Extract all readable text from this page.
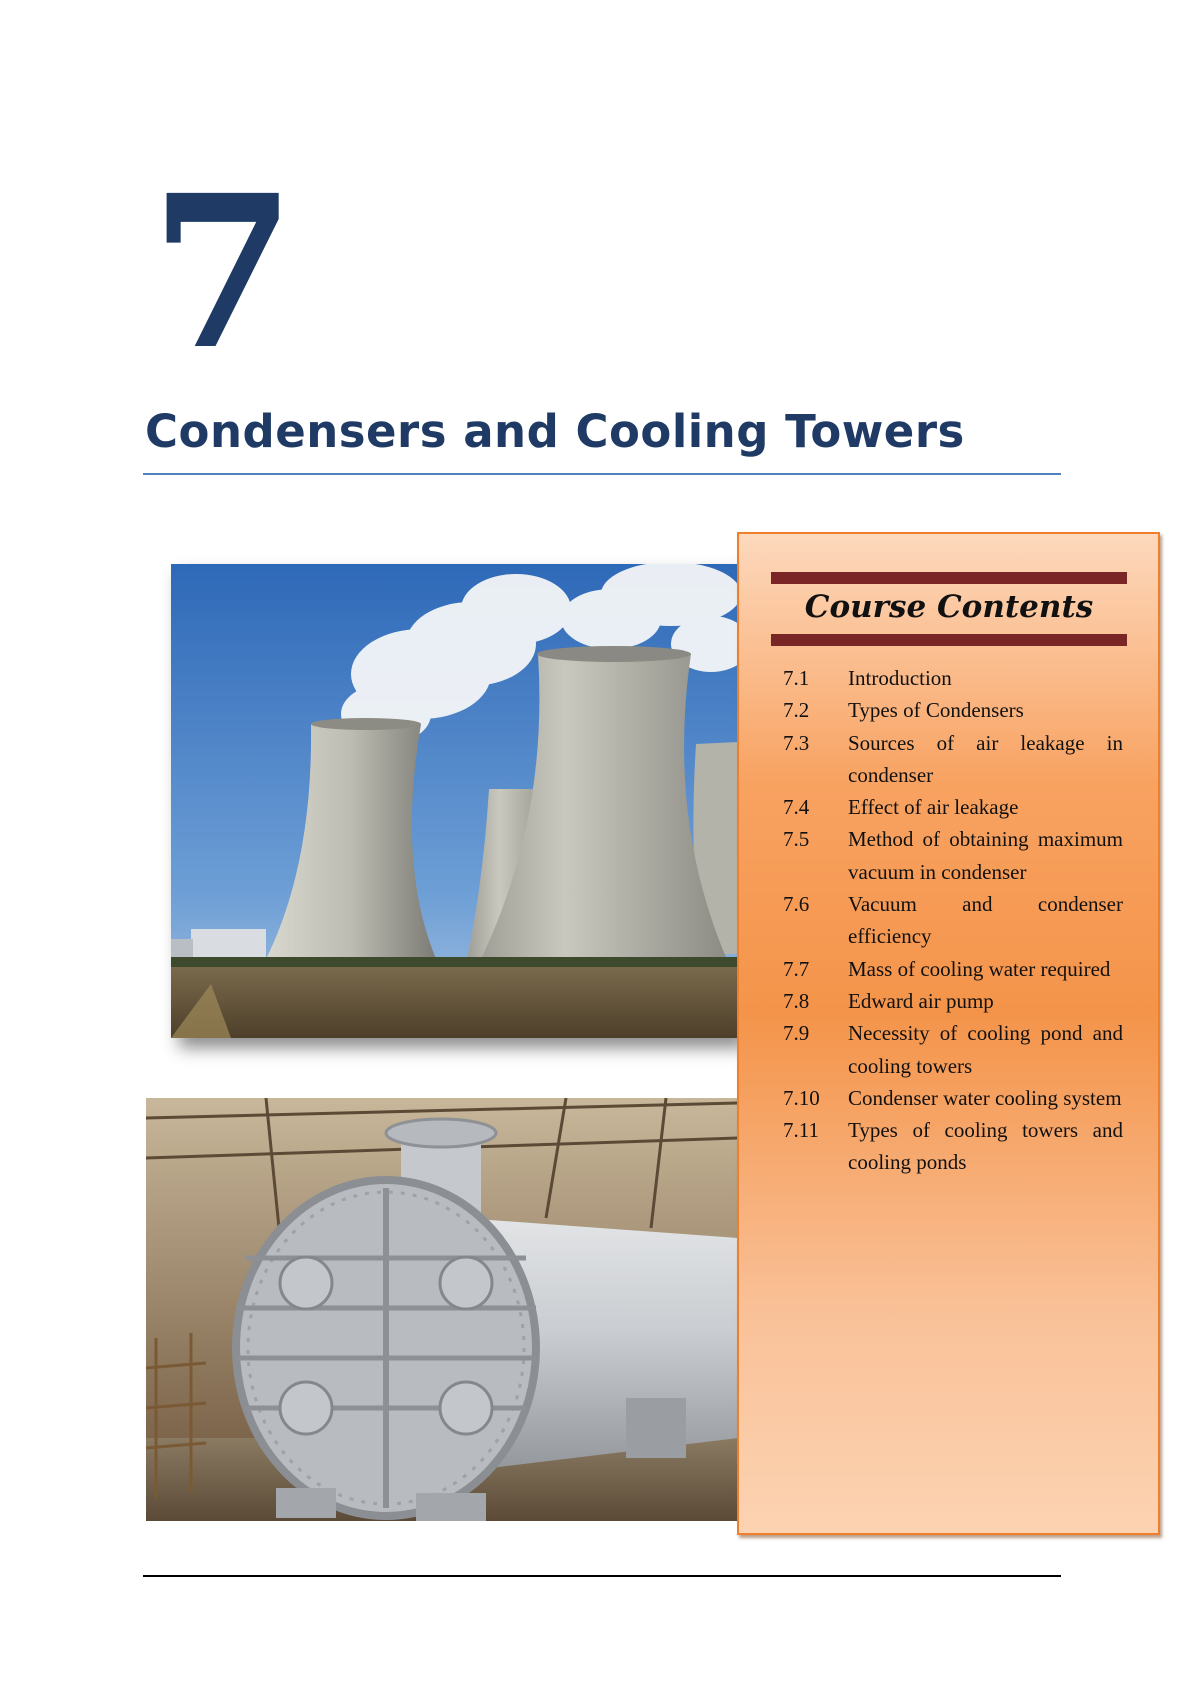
7
Condensers and Cooling Towers
Course Contents
7.1	Introduction
7.2	Types of Condensers
7.3	Sources of air leakage in condenser
7.4	Effect of air leakage
7.5	Method of obtaining maximum vacuum in condenser
7.6	Vacuum and condenser efficiency
7.7	Mass of cooling water required
7.8	Edward air pump
7.9	Necessity of cooling pond and cooling towers
7.10	Condenser water cooling system
7.11	Types of cooling towers and cooling ponds
